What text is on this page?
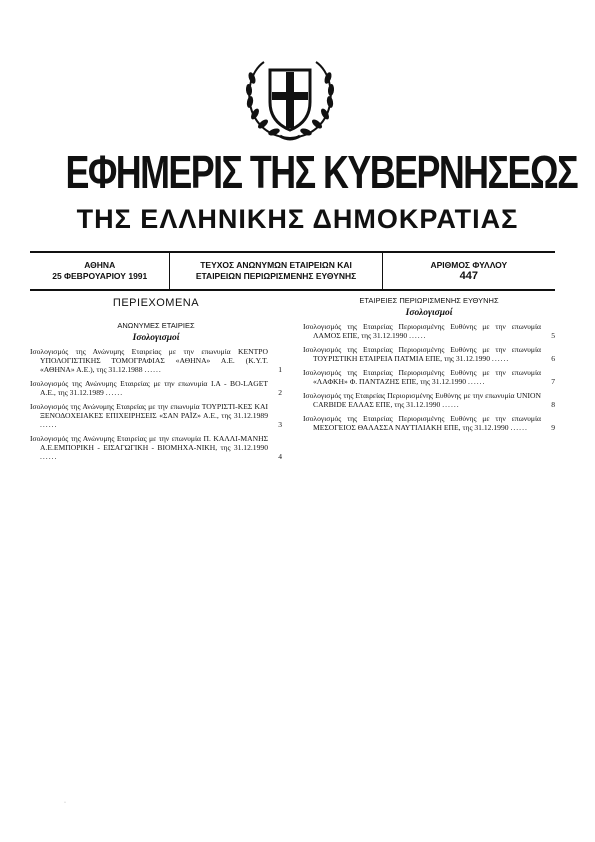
ΕΦΗΜΕΡΙΣ ΤΗΣ ΚΥΒΕΡΝΗΣΕΩΣ
ΤΗΣ ΕΛΛΗΝΙΚΗΣ ΔΗΜΟΚΡΑΤΙΑΣ
ΑΘΗΝΑ
25 ΦΕΒΡΟΥΑΡΙΟΥ 1991
ΤΕΥΧΟΣ ΑΝΩΝΥΜΩΝ ΕΤΑΙΡΕΙΩΝ ΚΑΙ
ΕΤΑΙΡΕΙΩΝ ΠΕΡΙΩΡΙΣΜΕΝΗΣ ΕΥΘΥΝΗΣ
ΑΡΙΘΜΟΣ ΦΥΛΛΟΥ
447
ΠΕΡΙΕΧΟΜΕΝΑ
ΑΝΩΝΥΜΕΣ ΕΤΑΙΡΙΕΣ
Ισολογισμοί
Ισολογισμός της Ανώνυμης Εταιρείας με την επωνυμία ΚΕΝΤΡΟ ΥΠΟΛΟΓΙΣΤΙΚΗΣ ΤΟΜΟΓΡΑΦΙΑΣ «ΑΘΗΝΑ» Α.Ε. (Κ.Υ.Τ. «ΑΘΗΝΑ» Α.Ε.), της 31.12.1988 ......	1
Ισολογισμός της Ανώνυμης Εταιρείας με την επωνυμία Ι.Α - ΒΟ-LAGET Α.Ε., της 31.12.1989 ......	2
Ισολογισμός της Ανώνυμης Εταιρείας με την επωνυμία ΤΟΥΡΙΣΤΙ-ΚΕΣ ΚΑΙ ΞΕΝΟΔΟΧΕΙΑΚΕΣ ΕΠΙΧΕΙΡΗΣΕΙΣ «ΣΑΝ ΡΑΪΖ» Α.Ε., της 31.12.1989 ......	3
Ισολογισμός της Ανώνυμης Εταιρείας με την επωνυμία Π. ΚΑΛΛΙ-ΜΑΝΗΣ Α.Ε.ΕΜΠΟΡΙΚΗ - ΕΙΣΑΓΩΓΙΚΗ - ΒΙΟΜΗΧΑ-ΝΙΚΗ, της 31.12.1990 ......	4
ΕΤΑΙΡΕΙΕΣ ΠΕΡΙΩΡΙΣΜΕΝΗΣ ΕΥΘΥΝΗΣ
Ισολογισμοί
Ισολογισμός της Εταιρείας Περιορισμένης Ευθύνης με την επωνυμία ΛΑΜΟΣ ΕΠΕ, της 31.12.1990 ......	5
Ισολογισμός της Εταιρείας Περιορισμένης Ευθύνης με την επωνυμία ΤΟΥΡΙΣΤΙΚΗ ΕΤΑΙΡΕΙΑ ΠΑΤΜΙΑ ΕΠΕ, της 31.12.1990 ......	6
Ισολογισμός της Εταιρείας Περιορισμένης Ευθύνης με την επωνυμία «ΛΑΦΚΗ» Φ. ΠΑΝΤΑΖΗΣ ΕΠΕ, της 31.12.1990 ......	7
Ισολογισμός της Εταιρείας Περιορισμένης Ευθύνης με την επωνυμία UNION CARBIDE ΕΛΛΑΣ ΕΠΕ, της 31.12.1990 ......	8
Ισολογισμός της Εταιρείας Περιορισμένης Ευθύνης με την επωνυμία ΜΕΣΟΓΕΙΟΣ ΘΑΛΑΣΣΑ ΝΑΥΤΙΛΙΑΚΗ ΕΠΕ, της 31.12.1990 ......	9
·
